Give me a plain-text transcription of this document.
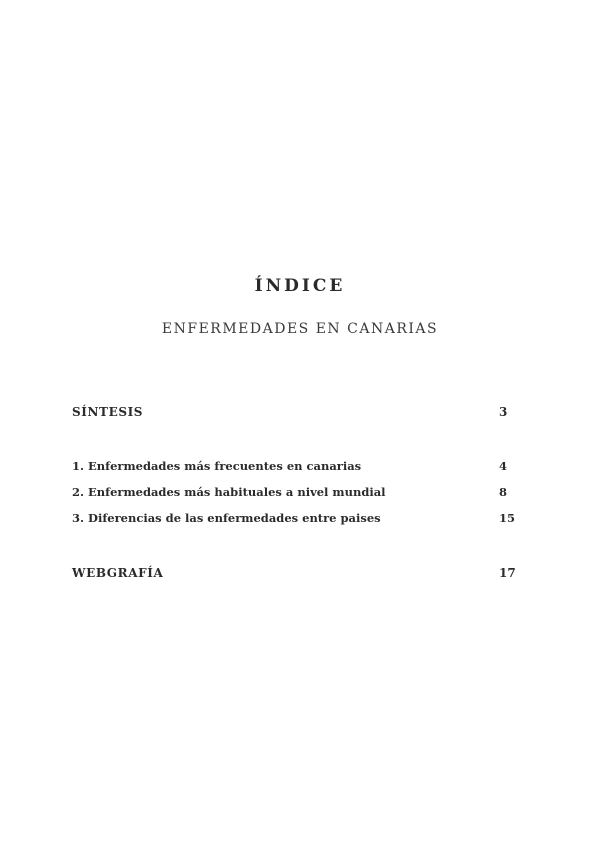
ÍNDICE
ENFERMEDADES EN CANARIAS
SÍNTESIS	3
1. Enfermedades más frecuentes en canarias	4
2. Enfermedades más habituales a nivel mundial	8
3. Diferencias de las enfermedades entre paises	15
WEBGRAFÍA	17
